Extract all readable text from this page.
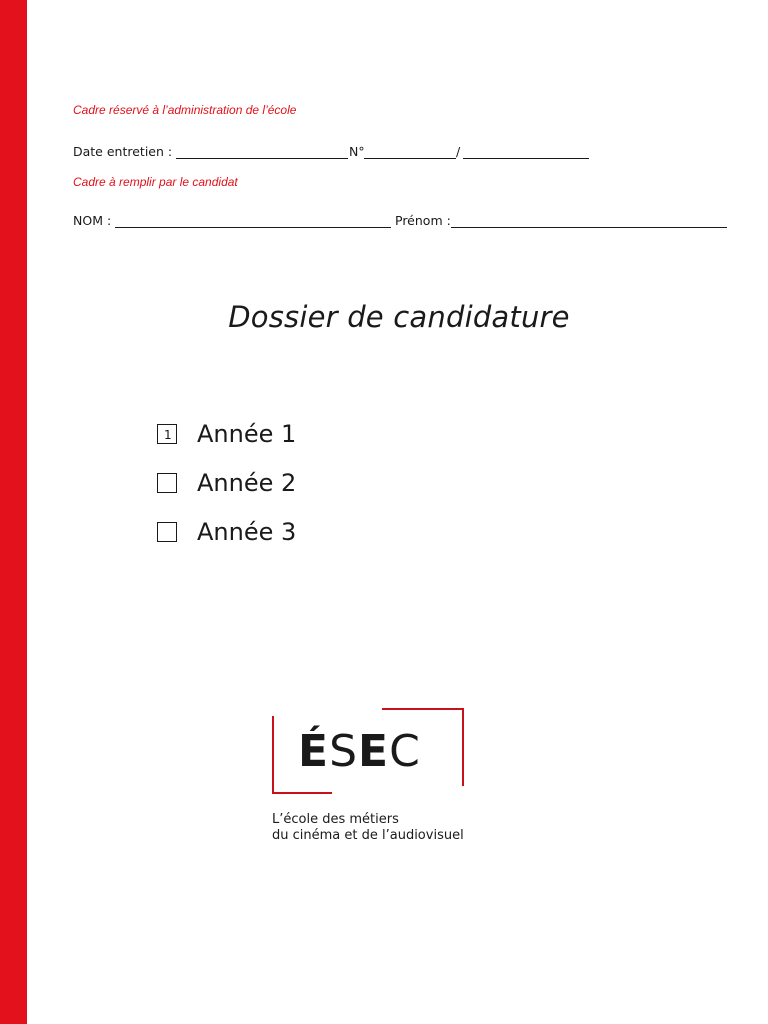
Cadre réservé à l’administration de l’école
Date entretien :	N°	/
Cadre à remplir par le candidat
NOM :	Prénom :
Dossier de candidature
1 Année 1
Année 2
Année 3
ÉSEC
L’école des métiers
du cinéma et de l’audiovisuel
